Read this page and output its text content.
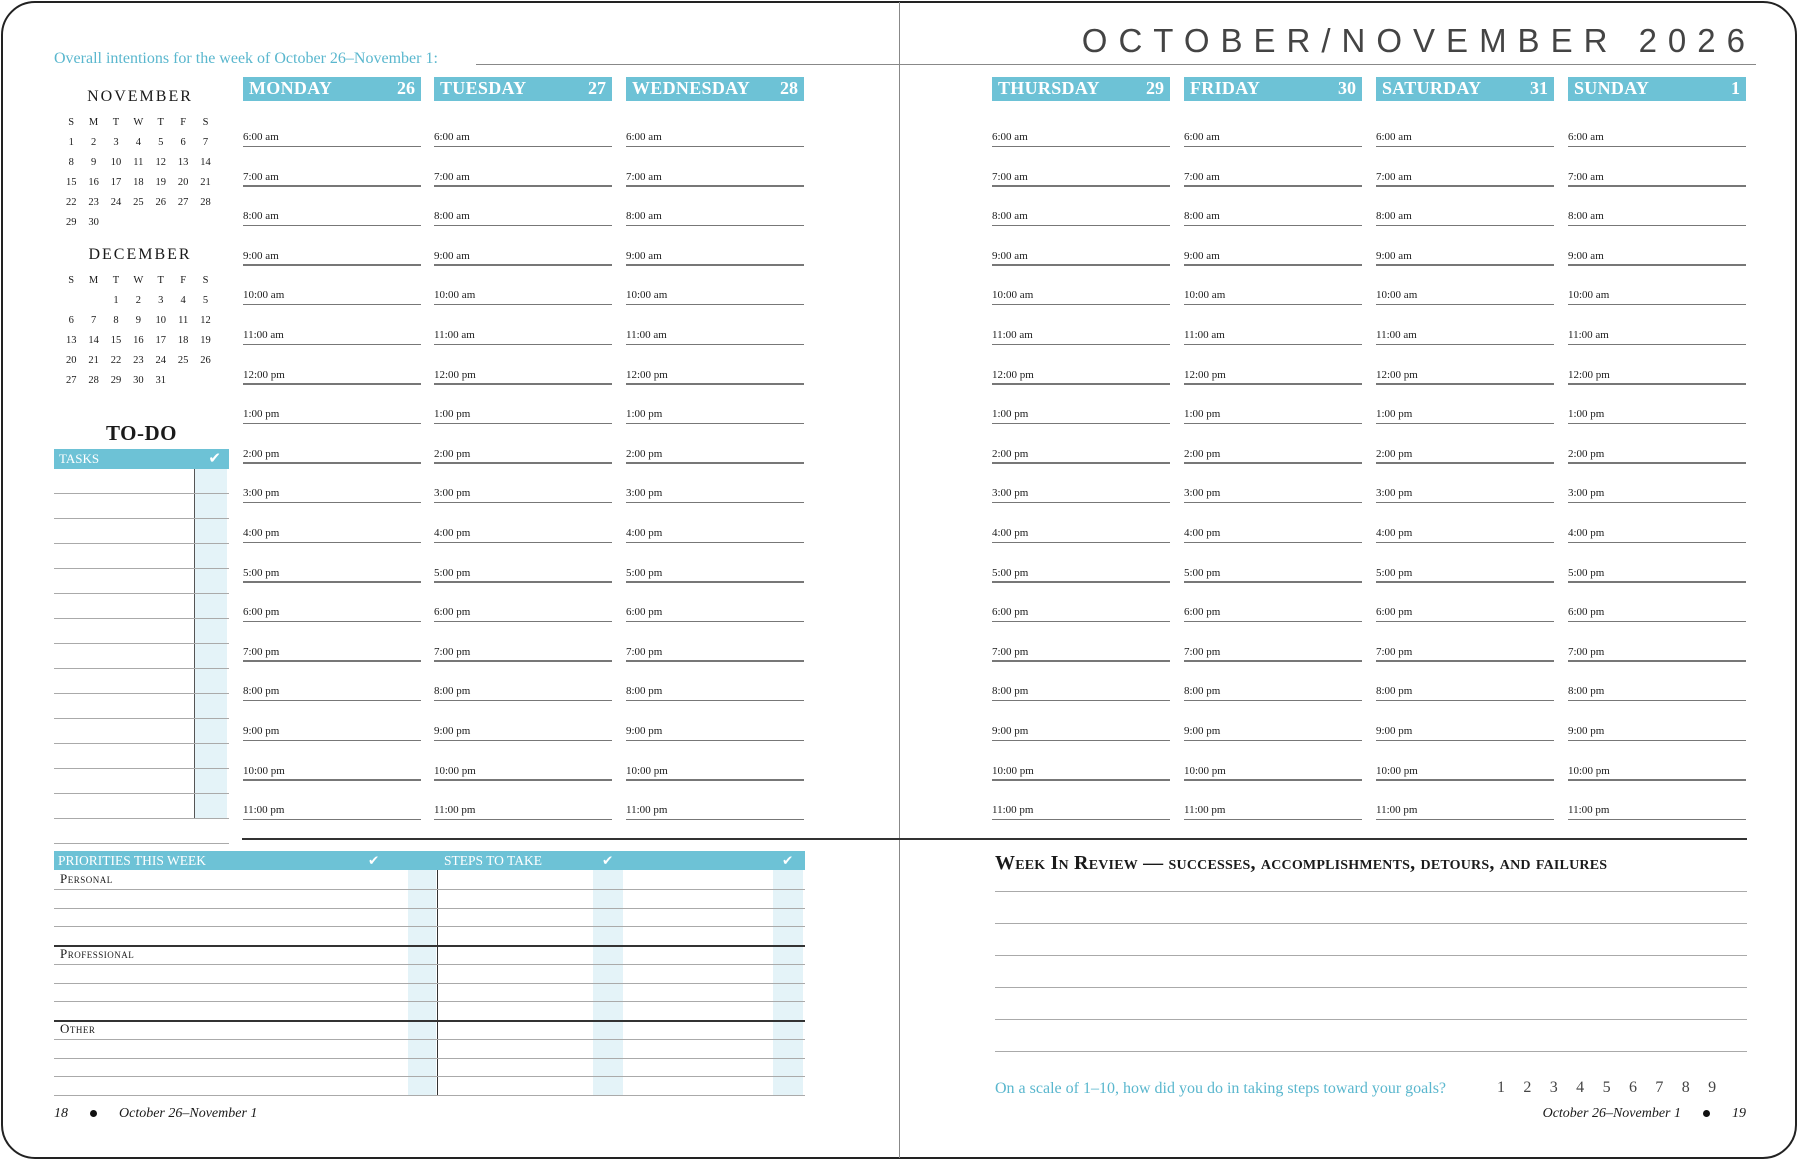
OCTOBER/NOVEMBER 2026
Overall intentions for the week of October 26–November 1:
NOVEMBER
S	M	T	W	T	F	S
1	2	3	4	5	6	7
8	9	10	11	12	13	14
15	16	17	18	19	20	21
22	23	24	25	26	27	28
29	30					
DECEMBER
S	M	T	W	T	F	S
		1	2	3	4	5
6	7	8	9	10	11	12
13	14	15	16	17	18	19
20	21	22	23	24	25	26
27	28	29	30	31		
TO-DO
TASKS	✔
MONDAY	26
6:00 am
7:00 am
8:00 am
9:00 am
10:00 am
11:00 am
12:00 pm
1:00 pm
2:00 pm
3:00 pm
4:00 pm
5:00 pm
6:00 pm
7:00 pm
8:00 pm
9:00 pm
10:00 pm
11:00 pm
TUESDAY	27
6:00 am
7:00 am
8:00 am
9:00 am
10:00 am
11:00 am
12:00 pm
1:00 pm
2:00 pm
3:00 pm
4:00 pm
5:00 pm
6:00 pm
7:00 pm
8:00 pm
9:00 pm
10:00 pm
11:00 pm
WEDNESDAY 28
6:00 am
7:00 am
8:00 am
9:00 am
10:00 am
11:00 am
12:00 pm
1:00 pm
2:00 pm
3:00 pm
4:00 pm
5:00 pm
6:00 pm
7:00 pm
8:00 pm
9:00 pm
10:00 pm
11:00 pm
THURSDAY	29
6:00 am
7:00 am
8:00 am
9:00 am
10:00 am
11:00 am
12:00 pm
1:00 pm
2:00 pm
3:00 pm
4:00 pm
5:00 pm
6:00 pm
7:00 pm
8:00 pm
9:00 pm
10:00 pm
11:00 pm
FRIDAY	30
6:00 am
7:00 am
8:00 am
9:00 am
10:00 am
11:00 am
12:00 pm
1:00 pm
2:00 pm
3:00 pm
4:00 pm
5:00 pm
6:00 pm
7:00 pm
8:00 pm
9:00 pm
10:00 pm
11:00 pm
SATURDAY	31
6:00 am
7:00 am
8:00 am
9:00 am
10:00 am
11:00 am
12:00 pm
1:00 pm
2:00 pm
3:00 pm
4:00 pm
5:00 pm
6:00 pm
7:00 pm
8:00 pm
9:00 pm
10:00 pm
11:00 pm
SUNDAY	1
6:00 am
7:00 am
8:00 am
9:00 am
10:00 am
11:00 am
12:00 pm
1:00 pm
2:00 pm
3:00 pm
4:00 pm
5:00 pm
6:00 pm
7:00 pm
8:00 pm
9:00 pm
10:00 pm
11:00 pm
PRIORITIES THIS WEEK	✔	STEPS TO TAKE	✔	✔
Personal
Professional
Other
Week In Review — successes, accomplishments, detours, and failures
On a scale of 1–10, how did you do in taking steps toward your goals?	1 2 3 4 5 6 7 8 9
18	October 26–November 1	October 26–November 1	19
